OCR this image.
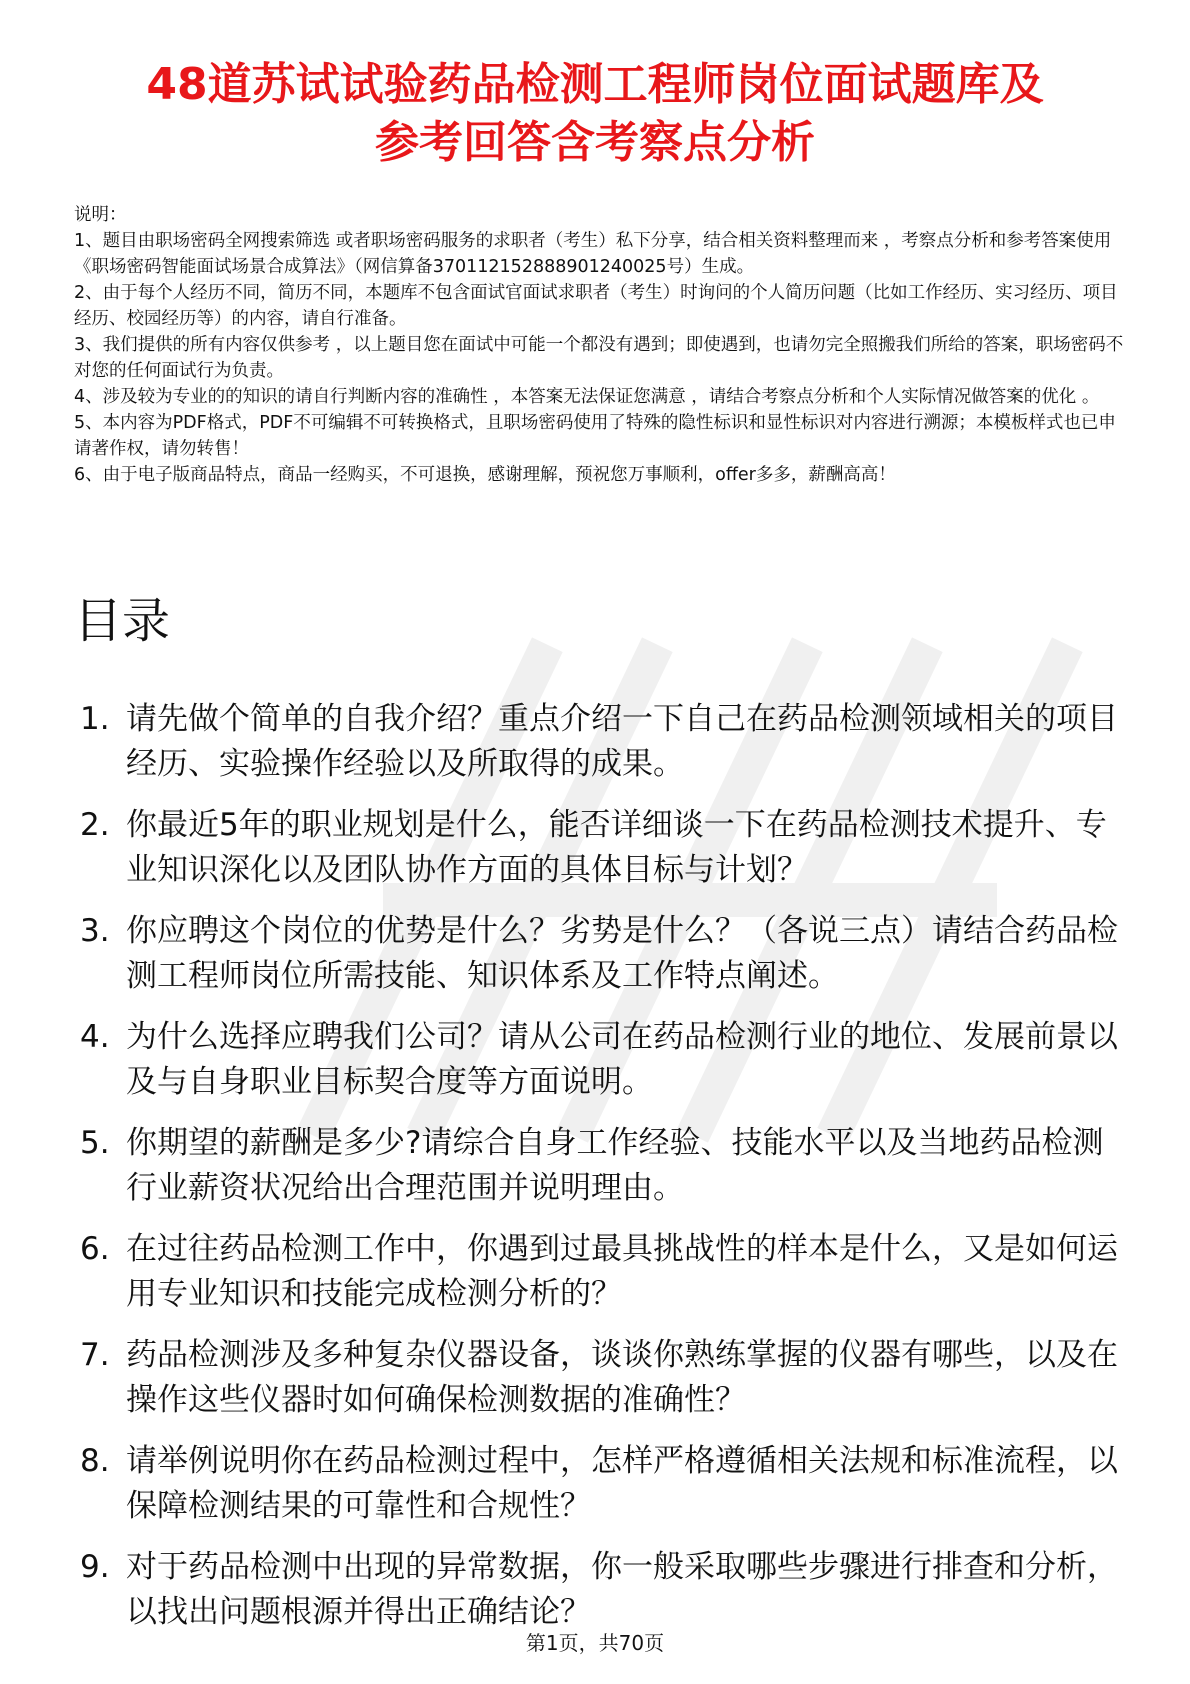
48道苏试试验药品检测工程师岗位面试题库及
参考回答含考察点分析

说明：

1、题目由职场密码全网搜索筛选 或者职场密码服务的求职者（考生）私下分享，结合相关资料整理而来 ，考察点分析和参考答案使用《职场密码智能面试场景合成算法》（网信算备370112152888901240025号）生成。

2、由于每个人经历不同，简历不同，本题库不包含面试官面试求职者（考生）时询问的个人简历问题（比如工作经历、实习经历、项目经历、校园经历等）的内容，请自行准备。

3、我们提供的所有内容仅供参考 ，以上题目您在面试中可能一个都没有遇到；即使遇到，也请勿完全照搬我们所给的答案，职场密码不对您的任何面试行为负责。

4、涉及较为专业的的知识的请自行判断内容的准确性 ，本答案无法保证您满意 ，请结合考察点分析和个人实际情况做答案的优化 。

5、本内容为PDF格式，PDF不可编辑不可转换格式，且职场密码使用了特殊的隐性标识和显性标识对内容进行溯源；本模板样式也已申请著作权，请勿转售！

6、由于电子版商品特点，商品一经购买，不可退换，感谢理解，预祝您万事顺利，offer多多，薪酬高高！

目录
1. 请先做个简单的自我介绍？重点介绍一下自己在药品检测领域相关的项目经历、实验操作经验以及所取得的成果。
2. 你最近5年的职业规划是什么，能否详细谈一下在药品检测技术提升、专业知识深化以及团队协作方面的具体目标与计划？
3. 你应聘这个岗位的优势是什么？劣势是什么？（各说三点）请结合药品检测工程师岗位所需技能、知识体系及工作特点阐述。
4. 为什么选择应聘我们公司？请从公司在药品检测行业的地位、发展前景以及与自身职业目标契合度等方面说明。
5. 你期望的薪酬是多少?请综合自身工作经验、技能水平以及当地药品检测行业薪资状况给出合理范围并说明理由。
6. 在过往药品检测工作中，你遇到过最具挑战性的样本是什么，又是如何运用专业知识和技能完成检测分析的？
7. 药品检测涉及多种复杂仪器设备，谈谈你熟练掌握的仪器有哪些，以及在操作这些仪器时如何确保检测数据的准确性？
8. 请举例说明你在药品检测过程中，怎样严格遵循相关法规和标准流程，以保障检测结果的可靠性和合规性？
9. 对于药品检测中出现的异常数据，你一般采取哪些步骤进行排查和分析，以找出问题根源并得出正确结论？
第1页，共70页
